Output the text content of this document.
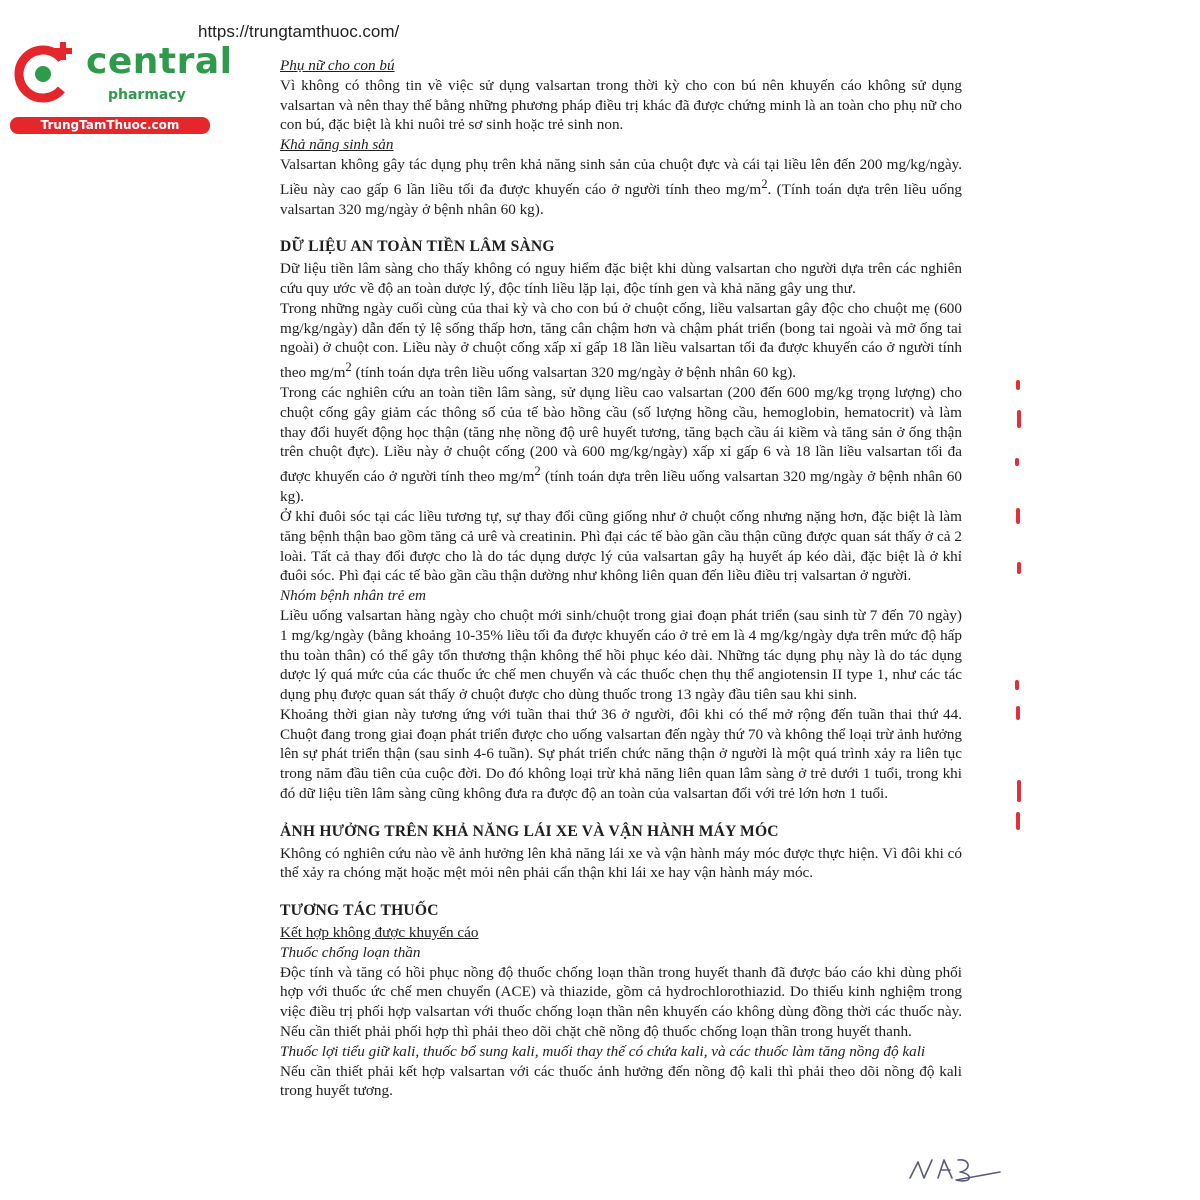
https://trungtamthuoc.com/
central
pharmacy
TrungTamThuoc.com

Phụ nữ cho con bú

Vì không có thông tin về việc sử dụng valsartan trong thời kỳ cho con bú nên khuyến cáo không sử dụng valsartan và nên thay thế bằng những phương pháp điều trị khác đã được chứng minh là an toàn cho phụ nữ cho con bú, đặc biệt là khi nuôi trẻ sơ sinh hoặc trẻ sinh non.

Khả năng sinh sản

Valsartan không gây tác dụng phụ trên khả năng sinh sản của chuột đực và cái tại liều lên đến 200 mg/kg/ngày. Liều này cao gấp 6 lần liều tối đa được khuyến cáo ở người tính theo $mg/m^2$. (Tính toán dựa trên liều uống valsartan 320 mg/ngày ở bệnh nhân 60 kg).

DỮ LIỆU AN TOÀN TIỀN LÂM SÀNG

Dữ liệu tiền lâm sàng cho thấy không có nguy hiểm đặc biệt khi dùng valsartan cho người dựa trên các nghiên cứu quy ước về độ an toàn dược lý, độc tính liều lặp lại, độc tính gen và khả năng gây ung thư.

Trong những ngày cuối cùng của thai kỳ và cho con bú ở chuột cống, liều valsartan gây độc cho chuột mẹ (600 mg/kg/ngày) dẫn đến tỷ lệ sống thấp hơn, tăng cân chậm hơn và chậm phát triển (bong tai ngoài và mở ống tai ngoài) ở chuột con. Liều này ở chuột cống xấp xỉ gấp 18 lần liều valsartan tối đa được khuyến cáo ở người tính theo $mg/m^2$ (tính toán dựa trên liều uống valsartan 320 mg/ngày ở bệnh nhân 60 kg).

Trong các nghiên cứu an toàn tiền lâm sàng, sử dụng liều cao valsartan (200 đến 600 mg/kg trọng lượng) cho chuột cống gây giảm các thông số của tế bào hồng cầu (số lượng hồng cầu, hemoglobin, hematocrit) và làm thay đổi huyết động học thận (tăng nhẹ nồng độ urê huyết tương, tăng bạch cầu ái kiềm và tăng sản ở ống thận trên chuột đực). Liều này ở chuột cống (200 và 600 mg/kg/ngày) xấp xỉ gấp 6 và 18 lần liều valsartan tối đa được khuyến cáo ở người tính theo $mg/m^2$ (tính toán dựa trên liều uống valsartan 320 mg/ngày ở bệnh nhân 60 kg).

Ở khỉ đuôi sóc tại các liều tương tự, sự thay đổi cũng giống như ở chuột cống nhưng nặng hơn, đặc biệt là làm tăng bệnh thận bao gồm tăng cả urê và creatinin. Phì đại các tế bào gần cầu thận cũng được quan sát thấy ở cả 2 loài. Tất cả thay đổi được cho là do tác dụng dược lý của valsartan gây hạ huyết áp kéo dài, đặc biệt là ở khỉ đuôi sóc. Phì đại các tế bào gần cầu thận dường như không liên quan đến liều điều trị valsartan ở người.

Nhóm bệnh nhân trẻ em

Liều uống valsartan hàng ngày cho chuột mới sinh/chuột trong giai đoạn phát triển (sau sinh từ 7 đến 70 ngày) 1 mg/kg/ngày (bằng khoảng 10-35% liều tối đa được khuyến cáo ở trẻ em là 4 mg/kg/ngày dựa trên mức độ hấp thu toàn thân) có thể gây tổn thương thận không thể hồi phục kéo dài. Những tác dụng phụ này là do tác dụng dược lý quá mức của các thuốc ức chế men chuyển và các thuốc chẹn thụ thể angiotensin II type 1, như các tác dụng phụ được quan sát thấy ở chuột được cho dùng thuốc trong 13 ngày đầu tiên sau khi sinh.

Khoảng thời gian này tương ứng với tuần thai thứ 36 ở người, đôi khi có thể mở rộng đến tuần thai thứ 44. Chuột đang trong giai đoạn phát triển được cho uống valsartan đến ngày thứ 70 và không thể loại trừ ảnh hưởng lên sự phát triển thận (sau sinh 4-6 tuần). Sự phát triển chức năng thận ở người là một quá trình xảy ra liên tục trong năm đầu tiên của cuộc đời. Do đó không loại trừ khả năng liên quan lâm sàng ở trẻ dưới 1 tuổi, trong khi đó dữ liệu tiền lâm sàng cũng không đưa ra được độ an toàn của valsartan đối với trẻ lớn hơn 1 tuổi.

ẢNH HƯỞNG TRÊN KHẢ NĂNG LÁI XE VÀ VẬN HÀNH MÁY MÓC

Không có nghiên cứu nào về ảnh hưởng lên khả năng lái xe và vận hành máy móc được thực hiện. Vì đôi khi có thể xảy ra chóng mặt hoặc mệt mỏi nên phải cẩn thận khi lái xe hay vận hành máy móc.

TƯƠNG TÁC THUỐC

Kết hợp không được khuyến cáo

Thuốc chống loạn thần

Độc tính và tăng có hồi phục nồng độ thuốc chống loạn thần trong huyết thanh đã được báo cáo khi dùng phối hợp với thuốc ức chế men chuyển (ACE) và thiazide, gồm cả hydrochlorothiazid. Do thiếu kinh nghiệm trong việc điều trị phối hợp valsartan với thuốc chống loạn thần nên khuyến cáo không dùng đồng thời các thuốc này. Nếu cần thiết phải phối hợp thì phải theo dõi chặt chẽ nồng độ thuốc chống loạn thần trong huyết thanh.

Thuốc lợi tiểu giữ kali, thuốc bổ sung kali, muối thay thế có chứa kali, và các thuốc làm tăng nồng độ kali

Nếu cần thiết phải kết hợp valsartan với các thuốc ảnh hưởng đến nồng độ kali thì phải theo dõi nồng độ kali trong huyết tương.
